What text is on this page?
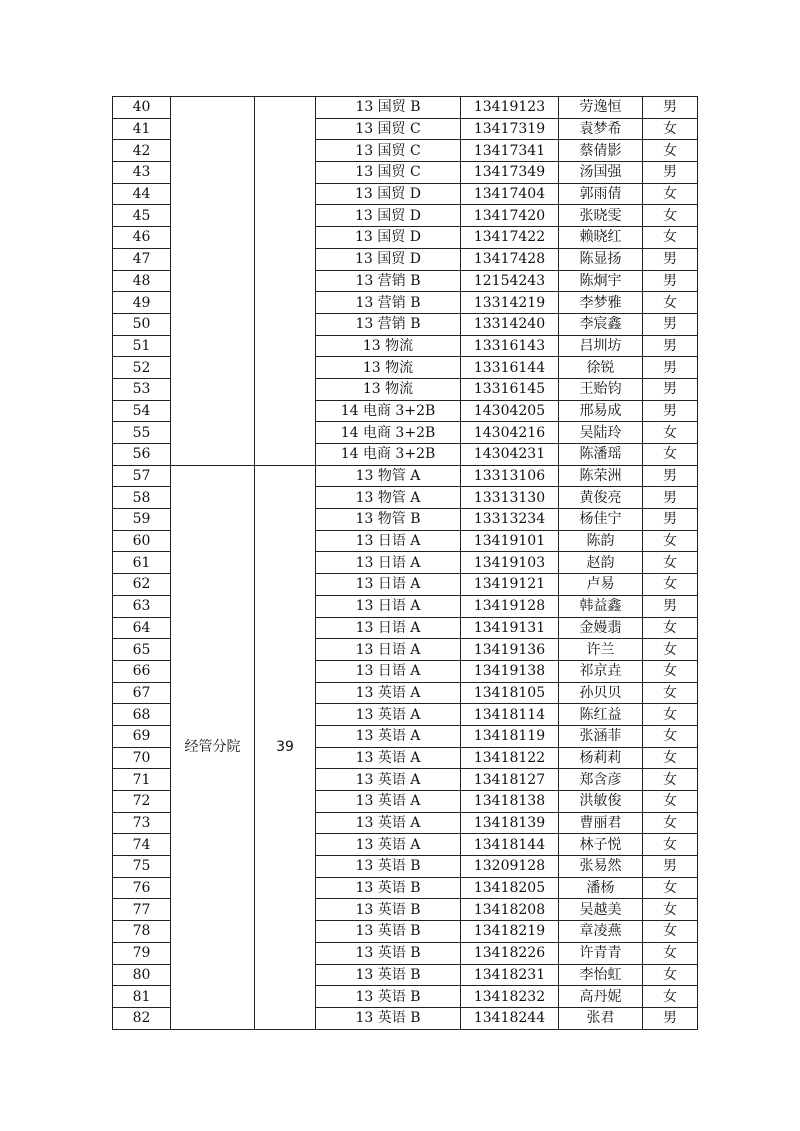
40			13 国贸 B	13419123	劳逸恒	男
41			13 国贸 C	13417319	袁梦希	女
42			13 国贸 C	13417341	蔡倩影	女
43			13 国贸 C	13417349	汤国强	男
44			13 国贸 D	13417404	郭雨倩	女
45			13 国贸 D	13417420	张晓雯	女
46			13 国贸 D	13417422	赖晓红	女
47			13 国贸 D	13417428	陈显扬	男
48			13 营销 B	12154243	陈炯宇	男
49			13 营销 B	13314219	李梦雅	女
50			13 营销 B	13314240	李宸鑫	男
51			13 物流	13316143	吕圳坊	男
52			13 物流	13316144	徐锐	男
53			13 物流	13316145	王贻钧	男
54			14 电商 3+2B	14304205	邢易成	男
55			14 电商 3+2B	14304216	吴陆玲	女
56			14 电商 3+2B	14304231	陈潘瑶	女
57	经管分院	39	13 物管 A	13313106	陈荣洲	男
58			13 物管 A	13313130	黄俊亮	男
59			13 物管 B	13313234	杨佳宁	男
60			13 日语 A	13419101	陈韵	女
61			13 日语 A	13419103	赵韵	女
62			13 日语 A	13419121	卢易	女
63			13 日语 A	13419128	韩益鑫	男
64			13 日语 A	13419131	金嫚翡	女
65			13 日语 A	13419136	许兰	女
66			13 日语 A	13419138	祁京垚	女
67			13 英语 A	13418105	孙贝贝	女
68			13 英语 A	13418114	陈红益	女
69			13 英语 A	13418119	张涵菲	女
70			13 英语 A	13418122	杨莉莉	女
71			13 英语 A	13418127	郑含彦	女
72			13 英语 A	13418138	洪敏俊	女
73			13 英语 A	13418139	曹丽君	女
74			13 英语 A	13418144	林子悦	女
75			13 英语 B	13209128	张易然	男
76			13 英语 B	13418205	潘杨	女
77			13 英语 B	13418208	吴越美	女
78			13 英语 B	13418219	章凌燕	女
79			13 英语 B	13418226	许青青	女
80			13 英语 B	13418231	李怡虹	女
81			13 英语 B	13418232	高丹妮	女
82			13 英语 B	13418244	张君	男
